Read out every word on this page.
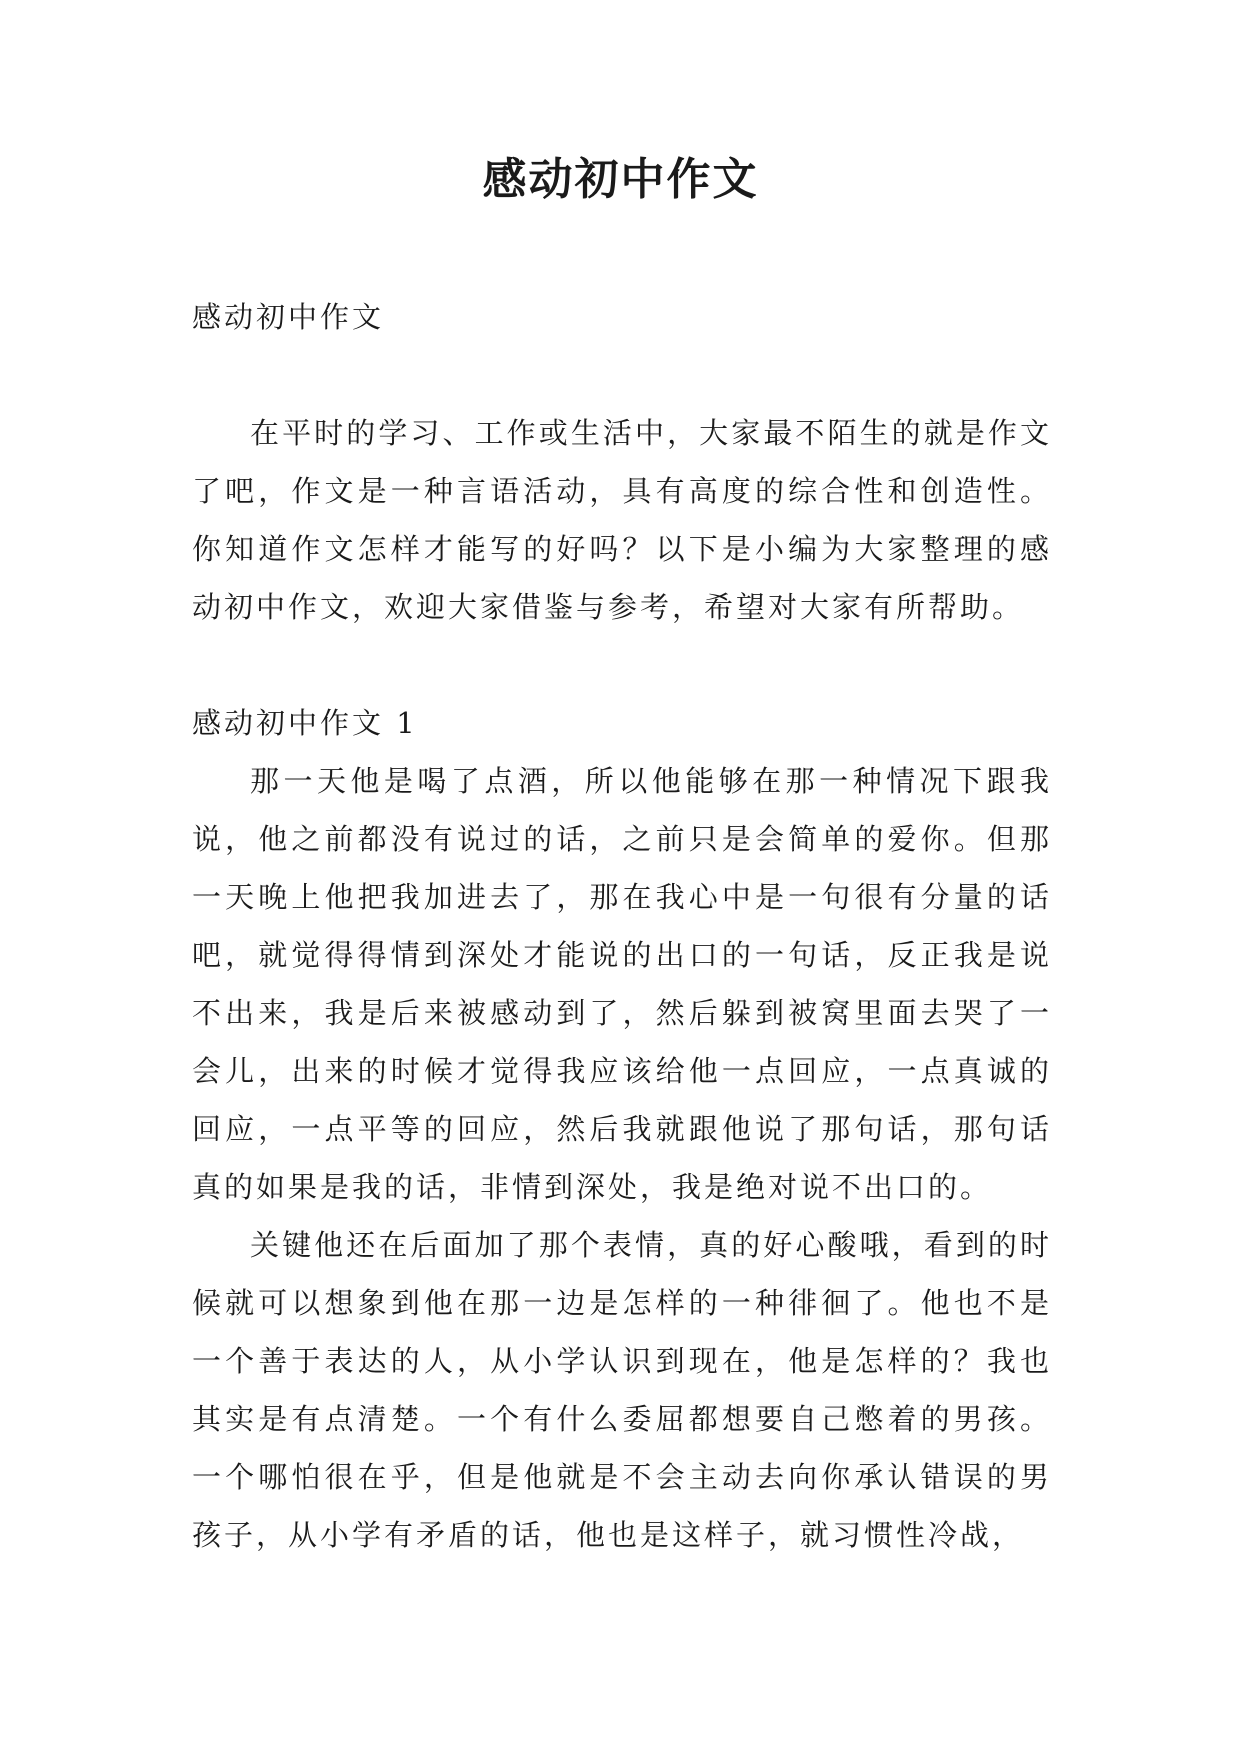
感动初中作文

感动初中作文

在平时的学习、工作或生活中，大家最不陌生的就是作文了吧，作文是一种言语活动，具有高度的综合性和创造性。你知道作文怎样才能写的好吗？以下是小编为大家整理的感动初中作文，欢迎大家借鉴与参考，希望对大家有所帮助。

感动初中作文 1

那一天他是喝了点酒，所以他能够在那一种情况下跟我说，他之前都没有说过的话，之前只是会简单的爱你。但那一天晚上他把我加进去了，那在我心中是一句很有分量的话吧，就觉得得情到深处才能说的出口的一句话，反正我是说不出来，我是后来被感动到了，然后躲到被窝里面去哭了一会儿，出来的时候才觉得我应该给他一点回应，一点真诚的回应，一点平等的回应，然后我就跟他说了那句话，那句话真的如果是我的话，非情到深处，我是绝对说不出口的。

关键他还在后面加了那个表情，真的好心酸哦，看到的时候就可以想象到他在那一边是怎样的一种徘徊了。他也不是一个善于表达的人，从小学认识到现在，他是怎样的？我也其实是有点清楚。一个有什么委屈都想要自己憋着的男孩。一个哪怕很在乎，但是他就是不会主动去向你承认错误的男孩子，从小学有矛盾的话，他也是这样子，就习惯性冷战，
